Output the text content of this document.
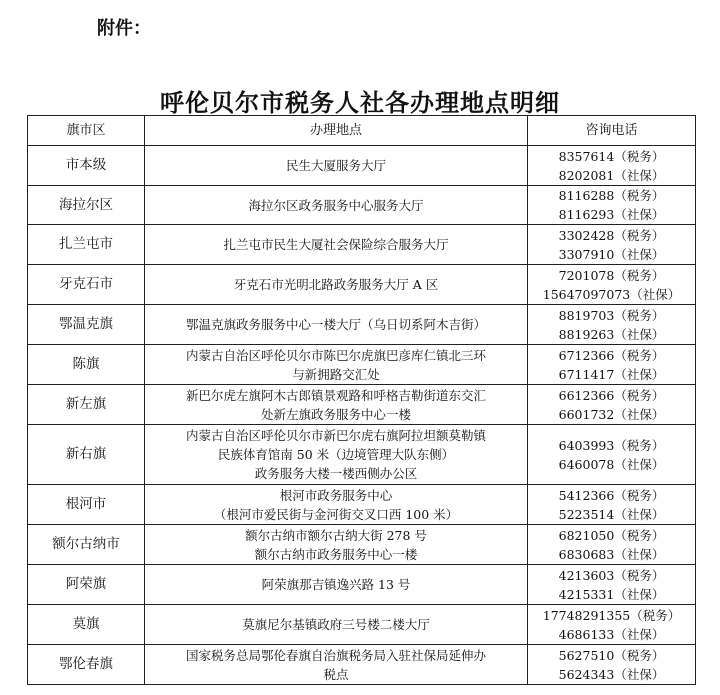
附件：
呼伦贝尔市税务人社各办理地点明细
旗市区	办理地点	咨询电话
市本级	民生大厦服务大厅	8357614（税务）
8202081（社保）

海拉尔区	海拉尔区政务服务中心服务大厅	8116288（税务）
8116293（社保）

扎兰屯市	扎兰屯市民生大厦社会保险综合服务大厅	3302428（税务）
3307910（社保）

牙克石市	牙克石市光明北路政务服务大厅 A 区	7201078（税务）
15647097073（社保）

鄂温克旗	鄂温克旗政务服务中心一楼大厅（乌日切系阿木吉街）	8819703（税务）
8819263（社保）

陈旗	内蒙古自治区呼伦贝尔市陈巴尔虎旗巴彦库仁镇北三环
与新拥路交汇处	6712366（税务）
6711417（社保）

新左旗	新巴尔虎左旗阿木古郎镇景观路和呼格吉勒街道东交汇
处新左旗政务服务中心一楼	6612366（税务）
6601732（社保）

新右旗	内蒙古自治区呼伦贝尔市新巴尔虎右旗阿拉坦额莫勒镇
民族体育馆南 50 米（边境管理大队东侧）
政务服务大楼一楼西侧办公区	6403993（税务）
6460078（社保）

根河市	根河市政务服务中心
（根河市爱民街与金河街交叉口西 100 米）	5412366（税务）
5223514（社保）

额尔古纳市	额尔古纳市额尔古纳大街 278 号
额尔古纳市政务服务中心一楼	6821050（税务）
6830683（社保）

阿荣旗	阿荣旗那吉镇逸兴路 13 号	4213603（税务）
4215331（社保）

莫旗	莫旗尼尔基镇政府三号楼二楼大厅	17748291355（税务）
4686133（社保）

鄂伦春旗	国家税务总局鄂伦春旗自治旗税务局入驻社保局延伸办
税点	5627510（税务）
5624343（社保）
